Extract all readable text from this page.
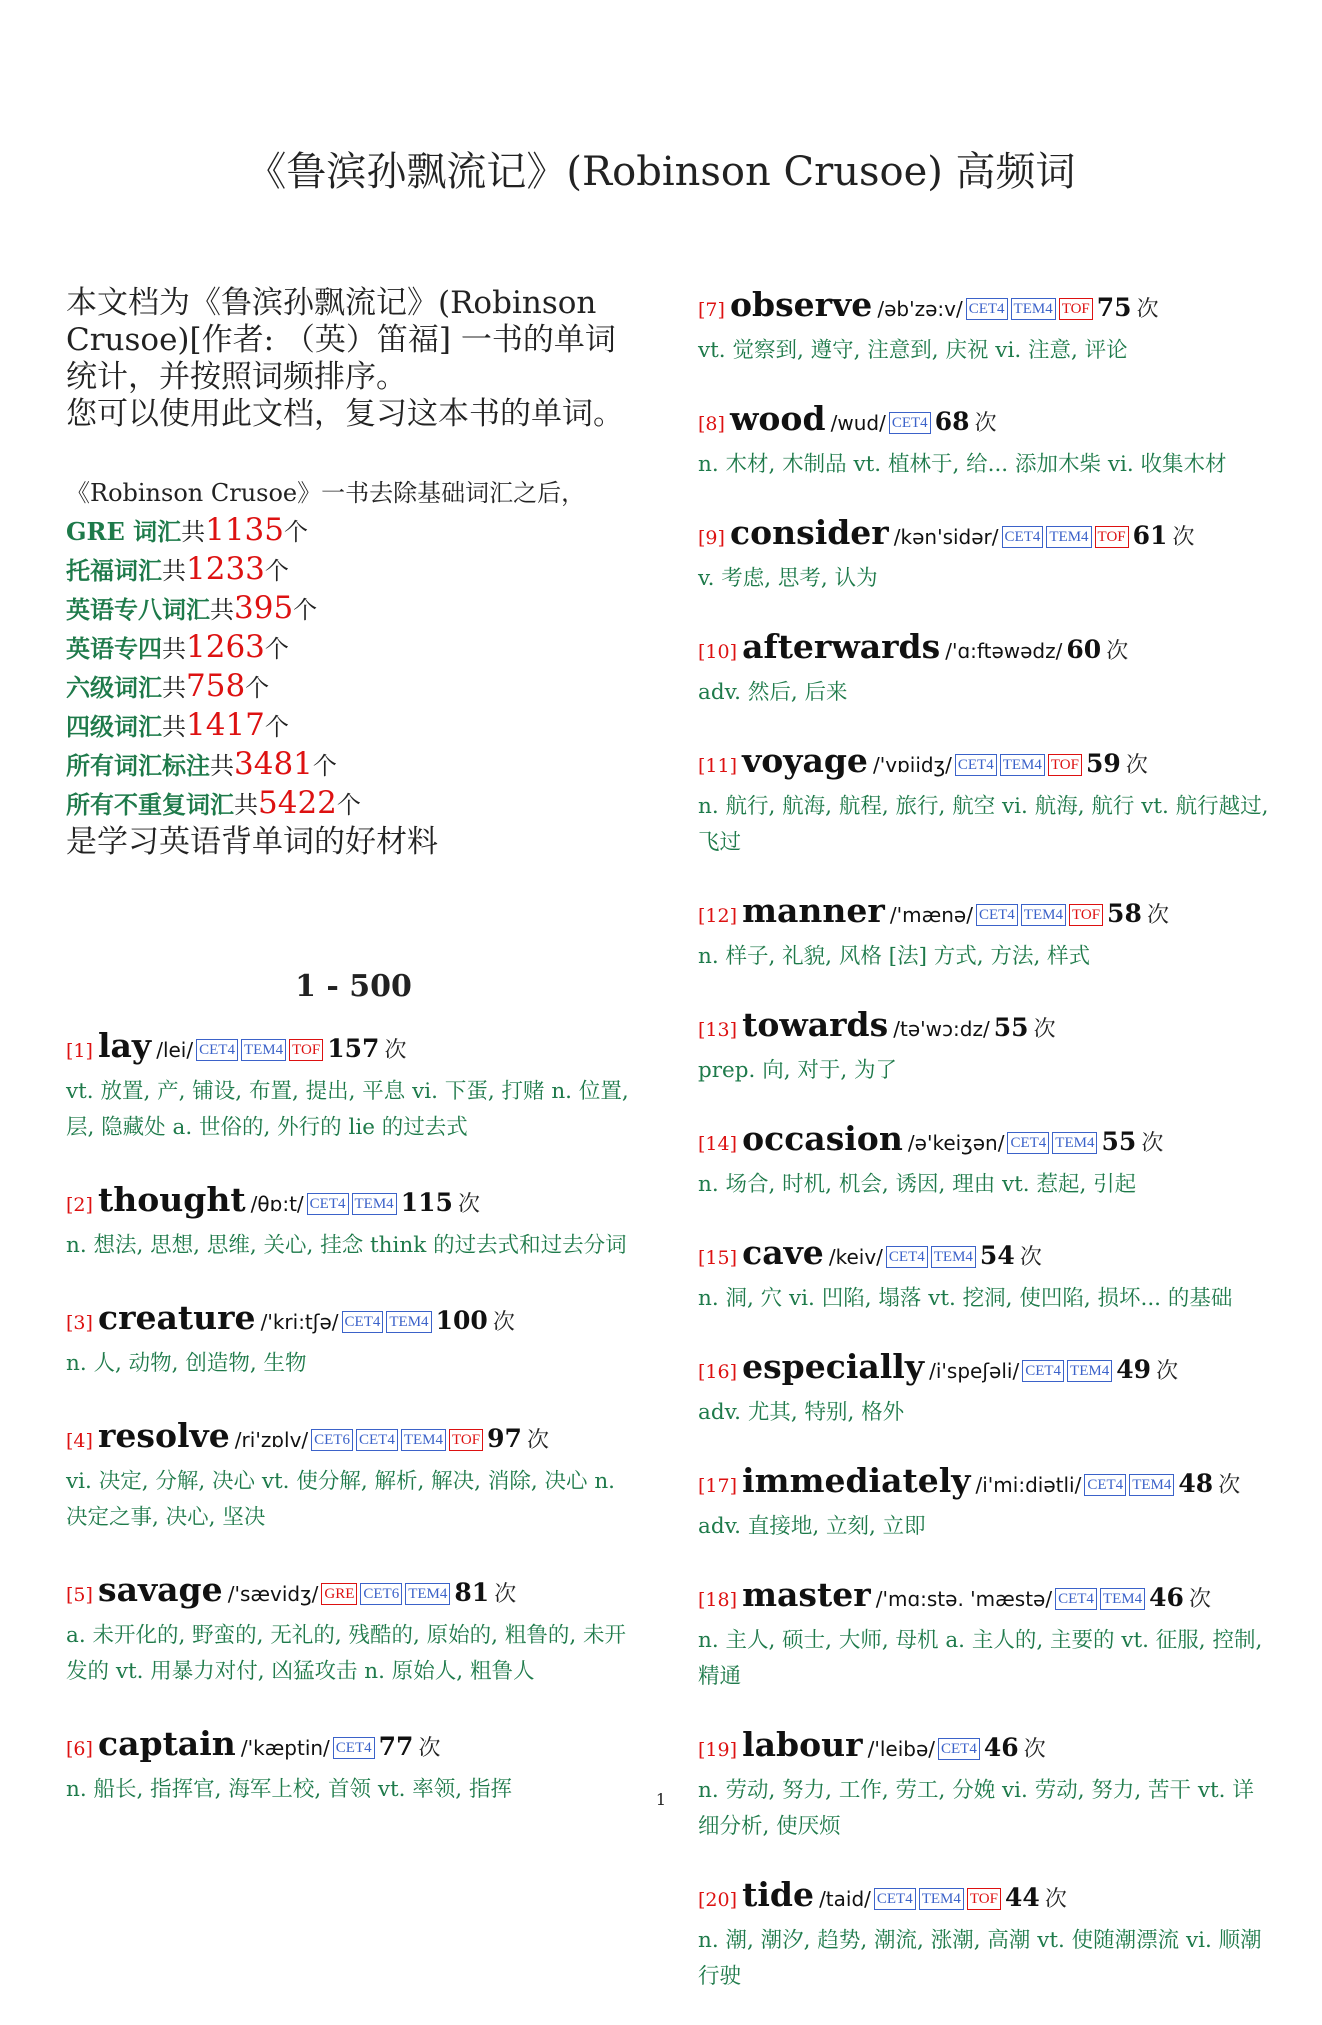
《鲁滨孙飘流记》(Robinson Crusoe) 高频词

本文档为《鲁滨孙飘流记》(Robinson Crusoe)[作者: （英）笛福] 一书的单词统计，并按照词频排序。
您可以使用此文档，复习这本书的单词。

《Robinson Crusoe》一书去除基础词汇之后，
GRE 词汇共1135个
托福词汇共1233个
英语专八词汇共395个
英语专四共1263个
六级词汇共758个
四级词汇共1417个
所有词汇标注共3481个
所有不重复词汇共5422个
是学习英语背单词的好材料
1 - 500
[1] lay /lei/ CET4 TEM4 TOF 157 次
vt. 放置, 产, 铺设, 布置, 提出, 平息 vi. 下蛋, 打赌 n. 位置, 层, 隐藏处 a. 世俗的, 外行的 lie 的过去式
[2] thought /θɒ:t/ CET4 TEM4 115 次
n. 想法, 思想, 思维, 关心, 挂念 think 的过去式和过去分词
[3] creature /'kri:tʃə/ CET4 TEM4 100 次
n. 人, 动物, 创造物, 生物
[4] resolve /ri'zɒlv/ CET6 CET4 TEM4 TOF 97 次
vi. 决定, 分解, 决心 vt. 使分解, 解析, 解决, 消除, 决心 n. 决定之事, 决心, 坚决
[5] savage /'sævidʒ/ GRE CET6 TEM4 81 次
a. 未开化的, 野蛮的, 无礼的, 残酷的, 原始的, 粗鲁的, 未开发的 vt. 用暴力对付, 凶猛攻击 n. 原始人, 粗鲁人
[6] captain /'kæptin/ CET4 77 次
n. 船长, 指挥官, 海军上校, 首领 vt. 率领, 指挥
[7] observe /əb'zə:v/ CET4 TEM4 TOF 75 次
vt. 觉察到, 遵守, 注意到, 庆祝 vi. 注意, 评论
[8] wood /wud/ CET4 68 次
n. 木材, 木制品 vt. 植林于, 给... 添加木柴 vi. 收集木材
[9] consider /kən'sidər/ CET4 TEM4 TOF 61 次
v. 考虑, 思考, 认为
[10] afterwards /'ɑ:ftəwədz/ 60 次
adv. 然后, 后来
[11] voyage /'vɒiidʒ/ CET4 TEM4 TOF 59 次
n. 航行, 航海, 航程, 旅行, 航空 vi. 航海, 航行 vt. 航行越过, 飞过
[12] manner /'mænə/ CET4 TEM4 TOF 58 次
n. 样子, 礼貌, 风格 [法] 方式, 方法, 样式
[13] towards /tə'wɔ:dz/ 55 次
prep. 向, 对于, 为了
[14] occasion /ə'keiʒən/ CET4 TEM4 55 次
n. 场合, 时机, 机会, 诱因, 理由 vt. 惹起, 引起
[15] cave /keiv/ CET4 TEM4 54 次
n. 洞, 穴 vi. 凹陷, 塌落 vt. 挖洞, 使凹陷, 损坏... 的基础
[16] especially /i'speʃəli/ CET4 TEM4 49 次
adv. 尤其, 特别, 格外
[17] immediately /i'mi:diətli/ CET4 TEM4 48 次
adv. 直接地, 立刻, 立即
[18] master /'mɑ:stə. 'mæstə/ CET4 TEM4 46 次
n. 主人, 硕士, 大师, 母机 a. 主人的, 主要的 vt. 征服, 控制, 精通
[19] labour /'leibə/ CET4 46 次
n. 劳动, 努力, 工作, 劳工, 分娩 vi. 劳动, 努力, 苦干 vt. 详细分析, 使厌烦
[20] tide /taid/ CET4 TEM4 TOF 44 次
n. 潮, 潮汐, 趋势, 潮流, 涨潮, 高潮 vt. 使随潮漂流 vi. 顺潮行驶
1
